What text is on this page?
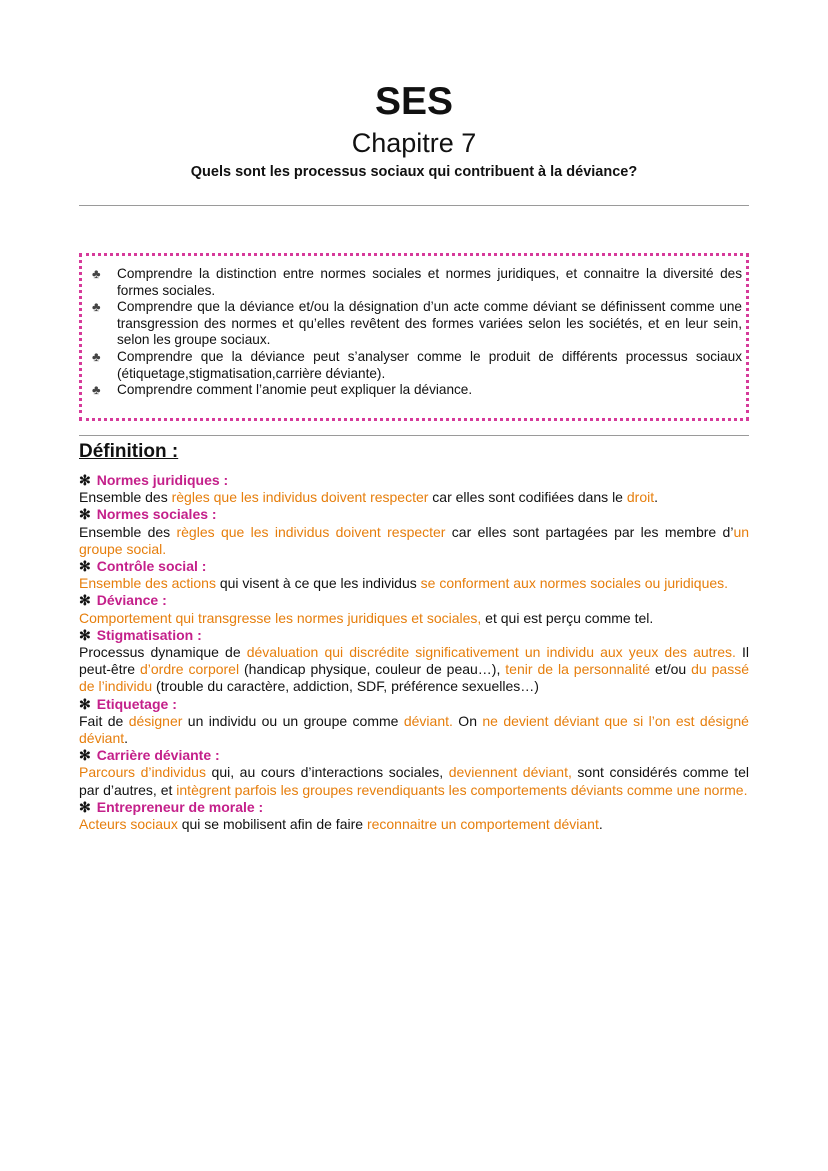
SES
Chapitre 7
Quels sont les processus sociaux qui contribuent à la déviance?
♣ Comprendre la distinction entre normes sociales et normes juridiques, et connaitre la diversité des formes sociales.
♣ Comprendre que la déviance et/ou la désignation d’un acte comme déviant se définissent comme une transgression des normes et qu’elles revêtent des formes variées selon les sociétés, et en leur sein, selon les groupe sociaux.
♣ Comprendre que la déviance peut s’analyser comme le produit de différents processus sociaux (étiquetage,stigmatisation,carrière déviante).
♣ Comprendre comment l’anomie peut expliquer la déviance.
Définition :
✻ Normes juridiques :
Ensemble des règles que les individus doivent respecter car elles sont codifiées dans le droit.
✻ Normes sociales :
Ensemble des règles que les individus doivent respecter car elles sont partagées par les membre d’un groupe social.
✻ Contrôle social :
Ensemble des actions qui visent à ce que les individus se conforment aux normes sociales ou juridiques.
✻ Déviance :
Comportement qui transgresse les normes juridiques et sociales, et qui est perçu comme tel.
✻ Stigmatisation :
Processus dynamique de dévaluation qui discrédite significativement un individu aux yeux des autres. Il peut-être d’ordre corporel (handicap physique, couleur de peau…), tenir de la personnalité et/ou du passé de l’individu (trouble du caractère, addiction, SDF, préférence sexuelles…)
✻ Etiquetage :
Fait de désigner un individu ou un groupe comme déviant. On ne devient déviant que si l’on est désigné déviant.
✻ Carrière déviante :
Parcours d’individus qui, au cours d’interactions sociales, deviennent déviant, sont considérés comme tel par d’autres, et intègrent parfois les groupes revendiquants les comportements déviants comme une norme.
✻ Entrepreneur de morale :
Acteurs sociaux qui se mobilisent afin de faire reconnaitre un comportement déviant.
